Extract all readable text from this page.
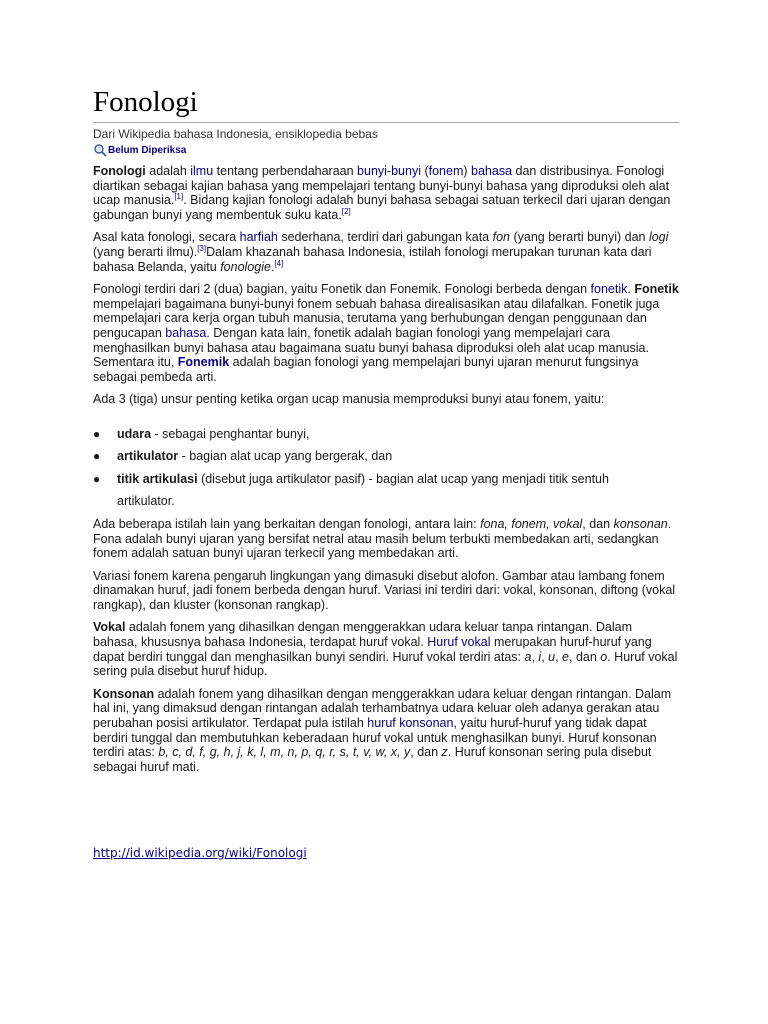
Fonologi
Dari Wikipedia bahasa Indonesia, ensiklopedia bebas
Belum Diperiksa

Fonologi adalah ilmu tentang perbendaharaan bunyi-bunyi (fonem) bahasa dan distribusinya. Fonologi diartikan sebagai kajian bahasa yang mempelajari tentang bunyi-bunyi bahasa yang diproduksi oleh alat ucap manusia.[1]. Bidang kajian fonologi adalah bunyi bahasa sebagai satuan terkecil dari ujaran dengan gabungan bunyi yang membentuk suku kata.[2]

Asal kata fonologi, secara harfiah sederhana, terdiri dari gabungan kata fon (yang berarti bunyi) dan logi (yang berarti ilmu).[3]Dalam khazanah bahasa Indonesia, istilah fonologi merupakan turunan kata dari bahasa Belanda, yaitu fonologie.[4]

Fonologi terdiri dari 2 (dua) bagian, yaitu Fonetik dan Fonemik. Fonologi berbeda dengan fonetik. Fonetik mempelajari bagaimana bunyi-bunyi fonem sebuah bahasa direalisasikan atau dilafalkan. Fonetik juga mempelajari cara kerja organ tubuh manusia, terutama yang berhubungan dengan penggunaan dan pengucapan bahasa. Dengan kata lain, fonetik adalah bagian fonologi yang mempelajari cara menghasilkan bunyi bahasa atau bagaimana suatu bunyi bahasa diproduksi oleh alat ucap manusia. Sementara itu, Fonemik adalah bagian fonologi yang mempelajari bunyi ujaran menurut fungsinya sebagai pembeda arti.

Ada 3 (tiga) unsur penting ketika organ ucap manusia memproduksi bunyi atau fonem, yaitu:

● udara - sebagai penghantar bunyi,
● artikulator - bagian alat ucap yang bergerak, dan
● titik artikulasi (disebut juga artikulator pasif) - bagian alat ucap yang menjadi titik sentuh
artikulator.

Ada beberapa istilah lain yang berkaitan dengan fonologi, antara lain: fona, fonem, vokal, dan konsonan. Fona adalah bunyi ujaran yang bersifat netral atau masih belum terbukti membedakan arti, sedangkan fonem adalah satuan bunyi ujaran terkecil yang membedakan arti.

Variasi fonem karena pengaruh lingkungan yang dimasuki disebut alofon. Gambar atau lambang fonem dinamakan huruf, jadi fonem berbeda dengan huruf. Variasi ini terdiri dari: vokal, konsonan, diftong (vokal rangkap), dan kluster (konsonan rangkap).

Vokal adalah fonem yang dihasilkan dengan menggerakkan udara keluar tanpa rintangan. Dalam bahasa, khususnya bahasa Indonesia, terdapat huruf vokal. Huruf vokal merupakan huruf-huruf yang dapat berdiri tunggal dan menghasilkan bunyi sendiri. Huruf vokal terdiri atas: a, i, u, e, dan o. Huruf vokal sering pula disebut huruf hidup.

Konsonan adalah fonem yang dihasilkan dengan menggerakkan udara keluar dengan rintangan. Dalam hal ini, yang dimaksud dengan rintangan adalah terhambatnya udara keluar oleh adanya gerakan atau perubahan posisi artikulator. Terdapat pula istilah huruf konsonan, yaitu huruf-huruf yang tidak dapat berdiri tunggal dan membutuhkan keberadaan huruf vokal untuk menghasilkan bunyi. Huruf konsonan terdiri atas: b, c, d, f, g, h, j, k, l, m, n, p, q, r, s, t, v, w, x, y, dan z. Huruf konsonan sering pula disebut sebagai huruf mati.

http://id.wikipedia.org/wiki/Fonologi
